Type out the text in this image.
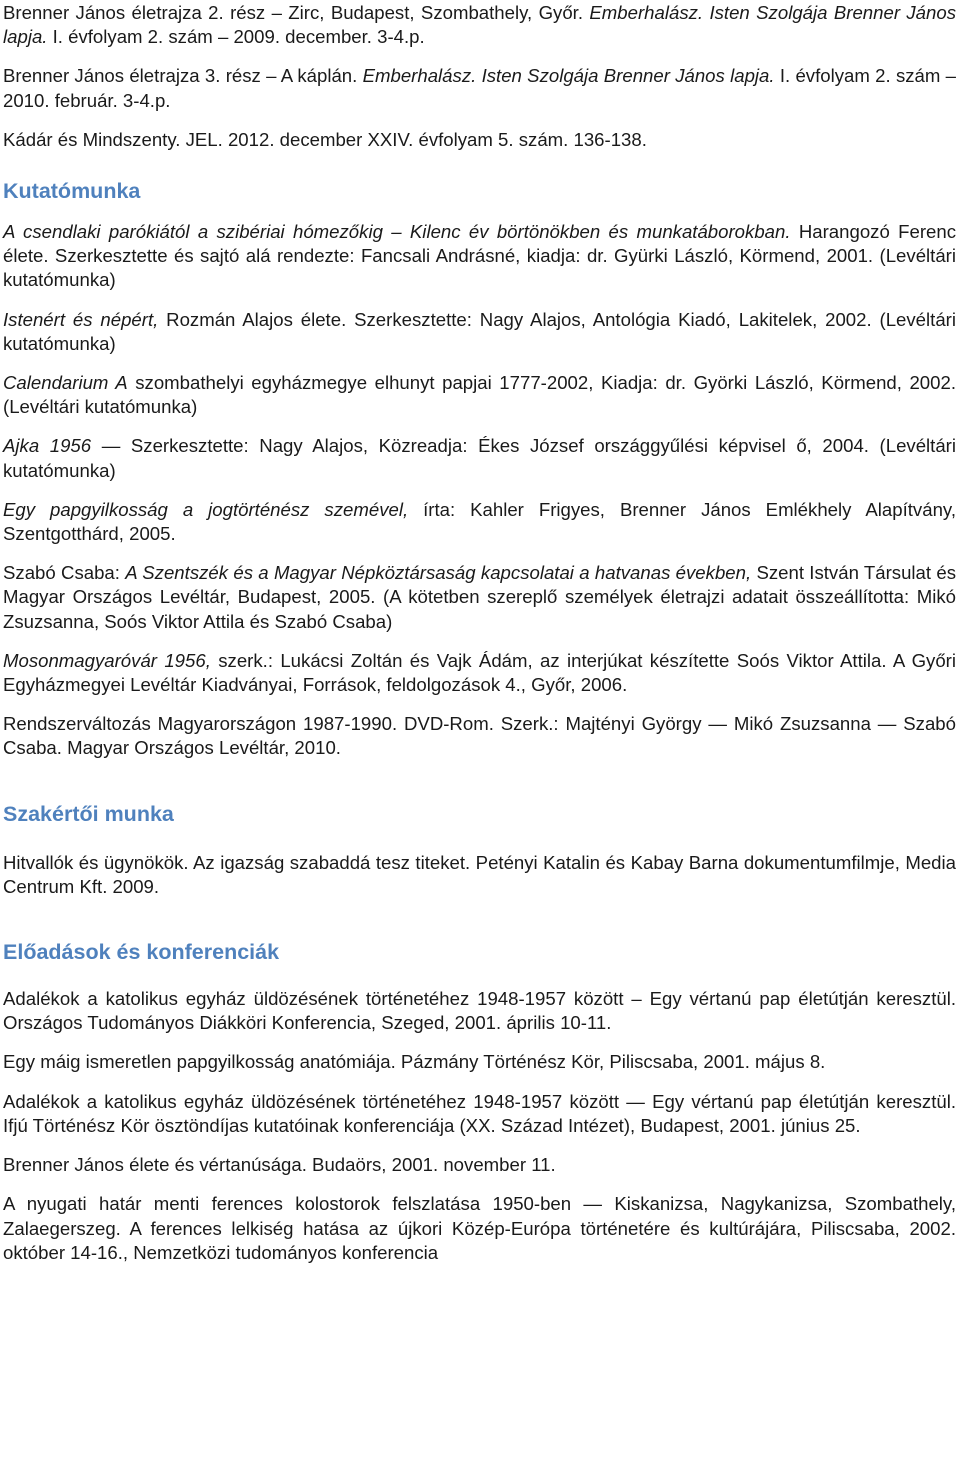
Brenner János életrajza 2. rész – Zirc, Budapest, Szombathely, Győr. Emberhalász. Isten Szolgája Brenner János lapja. I. évfolyam 2. szám – 2009. december. 3-4.p.

Brenner János életrajza 3. rész – A káplán. Emberhalász. Isten Szolgája Brenner János lapja. I. évfolyam 2. szám – 2010. február. 3-4.p.

Kádár és Mindszenty. JEL. 2012. december XXIV. évfolyam 5. szám. 136-138.

Kutatómunka

A csendlaki parókiától a szibériai hómezőkig – Kilenc év börtönökben és munkatáborokban. Harangozó Ferenc élete. Szerkesztette és sajtó alá rendezte: Fancsali Andrásné, kiadja: dr. Gyürki László, Körmend, 2001. (Levéltári kutatómunka)

Istenért és népért, Rozmán Alajos élete. Szerkesztette: Nagy Alajos, Antológia Kiadó, Lakitelek, 2002. (Levéltári kutatómunka)

Calendarium A szombathelyi egyházmegye elhunyt papjai 1777-2002, Kiadja: dr. Györki László, Körmend, 2002. (Levéltári kutatómunka)

Ajka 1956 — Szerkesztette: Nagy Alajos, Közreadja: Ékes József országgyűlési képvisel ő, 2004. (Levéltári kutatómunka)

Egy papgyilkosság a jogtörténész szemével, írta: Kahler Frigyes, Brenner János Emlékhely Alapítvány, Szentgotthárd, 2005.

Szabó Csaba: A Szentszék és a Magyar Népköztársaság kapcsolatai a hatvanas években, Szent István Társulat és Magyar Országos Levéltár, Budapest, 2005. (A kötetben szereplő személyek életrajzi adatait összeállította: Mikó Zsuzsanna, Soós Viktor Attila és Szabó Csaba)

Mosonmagyaróvár 1956, szerk.: Lukácsi Zoltán és Vajk Ádám, az interjúkat készítette Soós Viktor Attila. A Győri Egyházmegyei Levéltár Kiadványai, Források, feldolgozások 4., Győr, 2006.

Rendszerváltozás Magyarországon 1987-1990. DVD-Rom. Szerk.: Majtényi György — Mikó Zsuzsanna — Szabó Csaba. Magyar Országos Levéltár, 2010.

Szakértői munka

Hitvallók és ügynökök. Az igazság szabaddá tesz titeket. Petényi Katalin és Kabay Barna dokumentumfilmje, Media Centrum Kft. 2009.

Előadások és konferenciák

Adalékok a katolikus egyház üldözésének történetéhez 1948-1957 között – Egy vértanú pap életútján keresztül. Országos Tudományos Diákköri Konferencia, Szeged, 2001. április 10-11.

Egy máig ismeretlen papgyilkosság anatómiája. Pázmány Történész Kör, Piliscsaba, 2001. május 8.

Adalékok a katolikus egyház üldözésének történetéhez 1948-1957 között — Egy vértanú pap életútján keresztül. Ifjú Történész Kör ösztöndíjas kutatóinak konferenciája (XX. Század Intézet), Budapest, 2001. június 25.

Brenner János élete és vértanúsága. Budaörs, 2001. november 11.

A nyugati határ menti ferences kolostorok felszlatása 1950-ben — Kiskanizsa, Nagykanizsa, Szombathely, Zalaegerszeg. A ferences lelkiség hatása az újkori Közép-Európa történetére és kultúrájára, Piliscsaba, 2002. október 14-16., Nemzetközi tudományos konferencia
